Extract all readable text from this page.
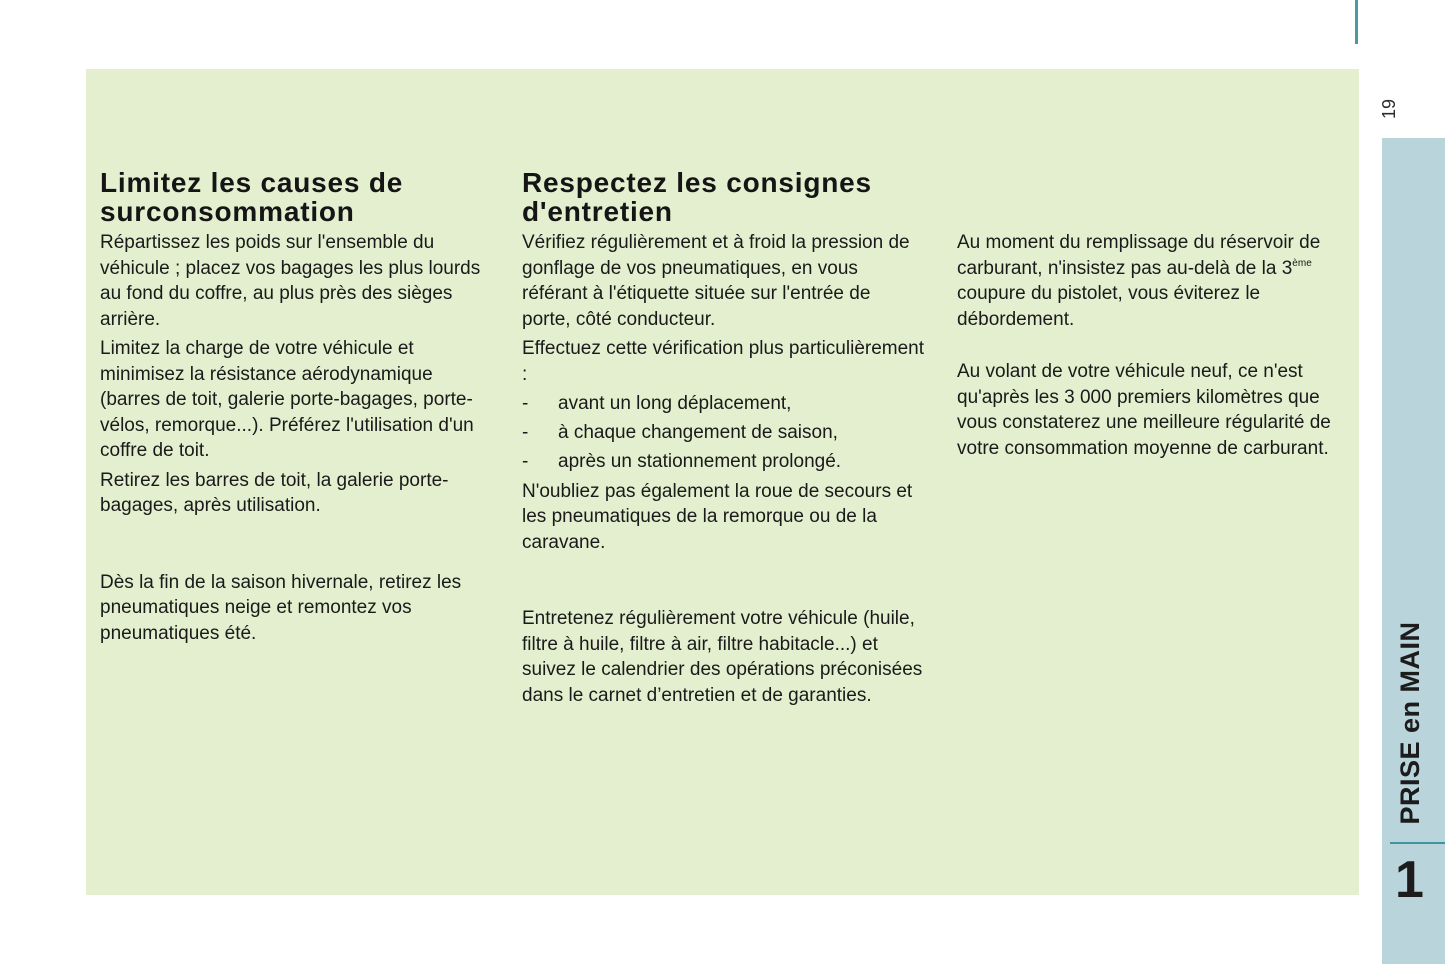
19
PRISE en MAIN
1
Limitez les causes de surconsommation

Répartissez les poids sur l'ensemble du véhicule ; placez vos bagages les plus lourds au fond du coffre, au plus près des sièges arrière.

Limitez la charge de votre véhicule et minimisez la résistance aérodynamique (barres de toit, galerie porte-bagages, porte-vélos, remorque...). Préférez l'utilisation d'un coffre de toit.

Retirez les barres de toit, la galerie porte-bagages, après utilisation.

Dès la fin de la saison hivernale, retirez les pneumatiques neige et remontez vos pneumatiques été.

Respectez les consignes d'entretien

Vérifiez régulièrement et à froid la pression de gonflage de vos pneumatiques, en vous référant à l'étiquette située sur l'entrée de porte, côté conducteur.

Effectuez cette vérification plus particulièrement :

- avant un long déplacement,
- à chaque changement de saison,
- après un stationnement prolongé.

N'oubliez pas également la roue de secours et les pneumatiques de la remorque ou de la caravane.

Entretenez régulièrement votre véhicule (huile, filtre à huile, filtre à air, filtre habitacle...) et suivez le calendrier des opérations préconisées dans le carnet d’entretien et de garanties.

Au moment du remplissage du réservoir de carburant, n'insistez pas au-delà de la 3ème coupure du pistolet, vous éviterez le débordement.

Au volant de votre véhicule neuf, ce n'est qu'après les 3 000 premiers kilomètres que vous constaterez une meilleure régularité de votre consommation moyenne de carburant.
